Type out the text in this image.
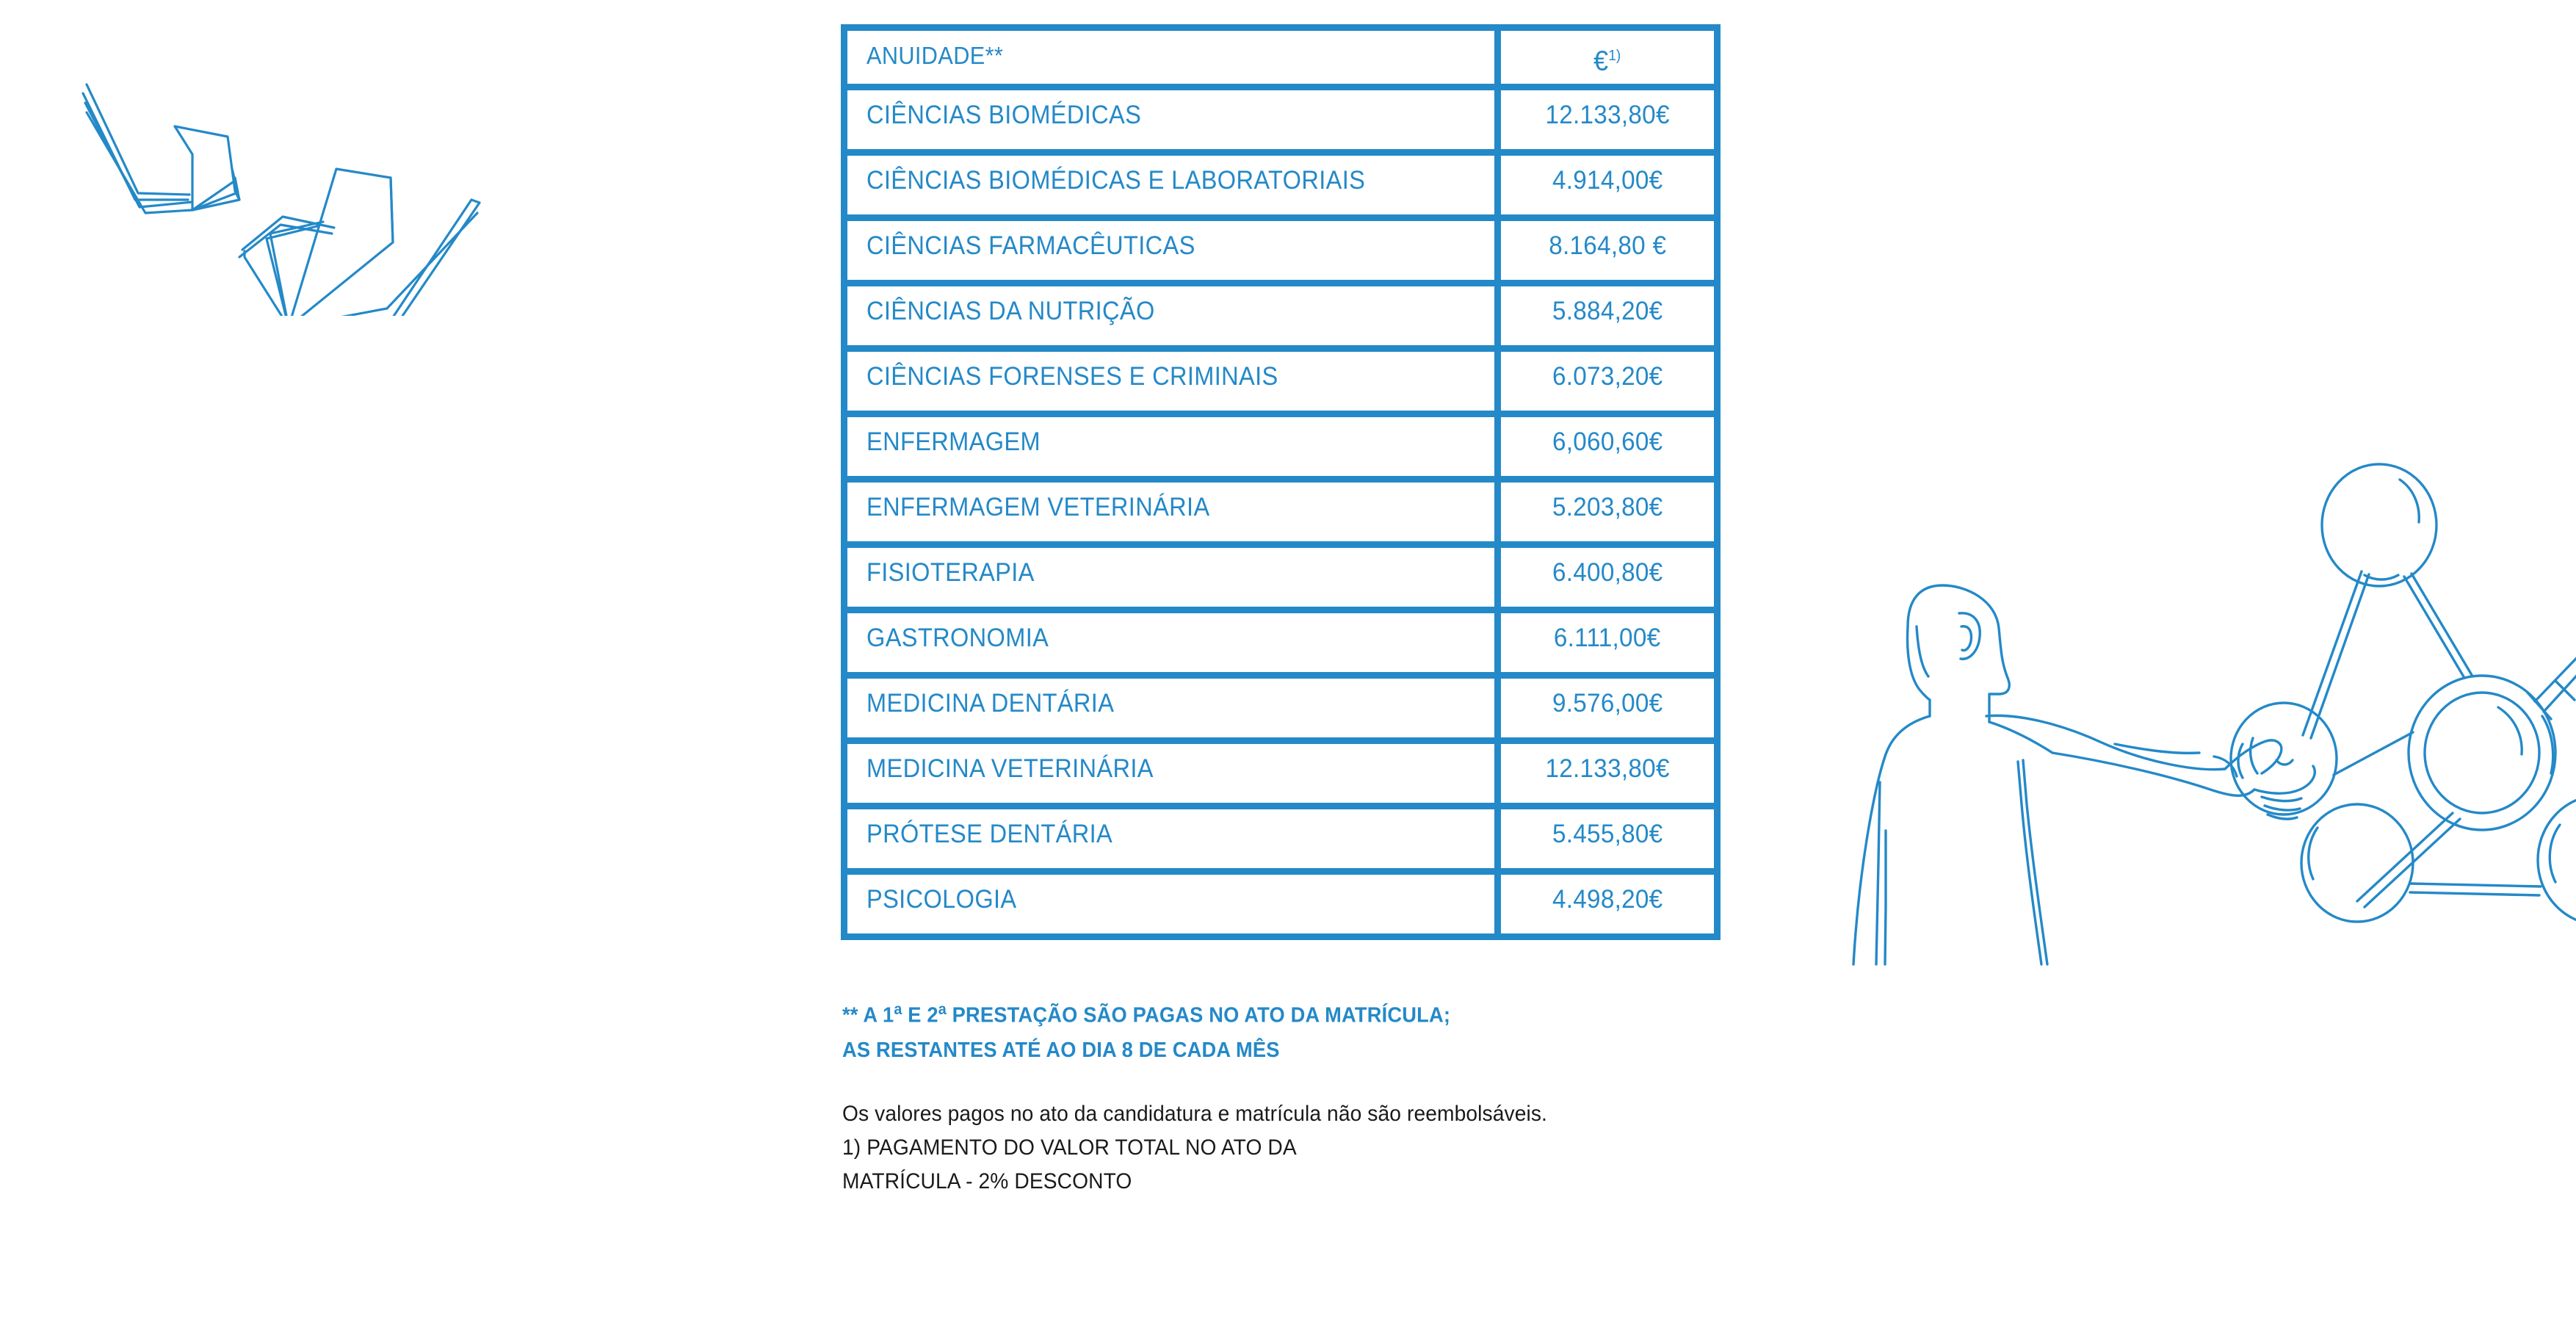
ANUIDADE**	€$^{1)}$
CIÊNCIAS BIOMÉDICAS	12.133,80€
CIÊNCIAS BIOMÉDICAS E LABORATORIAIS	4.914,00€
CIÊNCIAS FARMACÊUTICAS	8.164,80 €
CIÊNCIAS DA NUTRIÇÃO	5.884,20€
CIÊNCIAS FORENSES E CRIMINAIS	6.073,20€
ENFERMAGEM	6,060,60€
ENFERMAGEM VETERINÁRIA	5.203,80€
FISIOTERAPIA	6.400,80€
GASTRONOMIA	6.111,00€
MEDICINA DENTÁRIA	9.576,00€
MEDICINA VETERINÁRIA	12.133,80€
PRÓTESE DENTÁRIA	5.455,80€
PSICOLOGIA	4.498,20€
** A 1$^a$ E 2$^a$ PRESTAÇÃO SÃO PAGAS NO ATO DA MATRÍCULA;
AS RESTANTES ATÉ AO DIA 8 DE CADA MÊS
Os valores pagos no ato da candidatura e matrícula não são reembolsáveis.
1) PAGAMENTO DO VALOR TOTAL NO ATO DA
MATRÍCULA - 2% DESCONTO
